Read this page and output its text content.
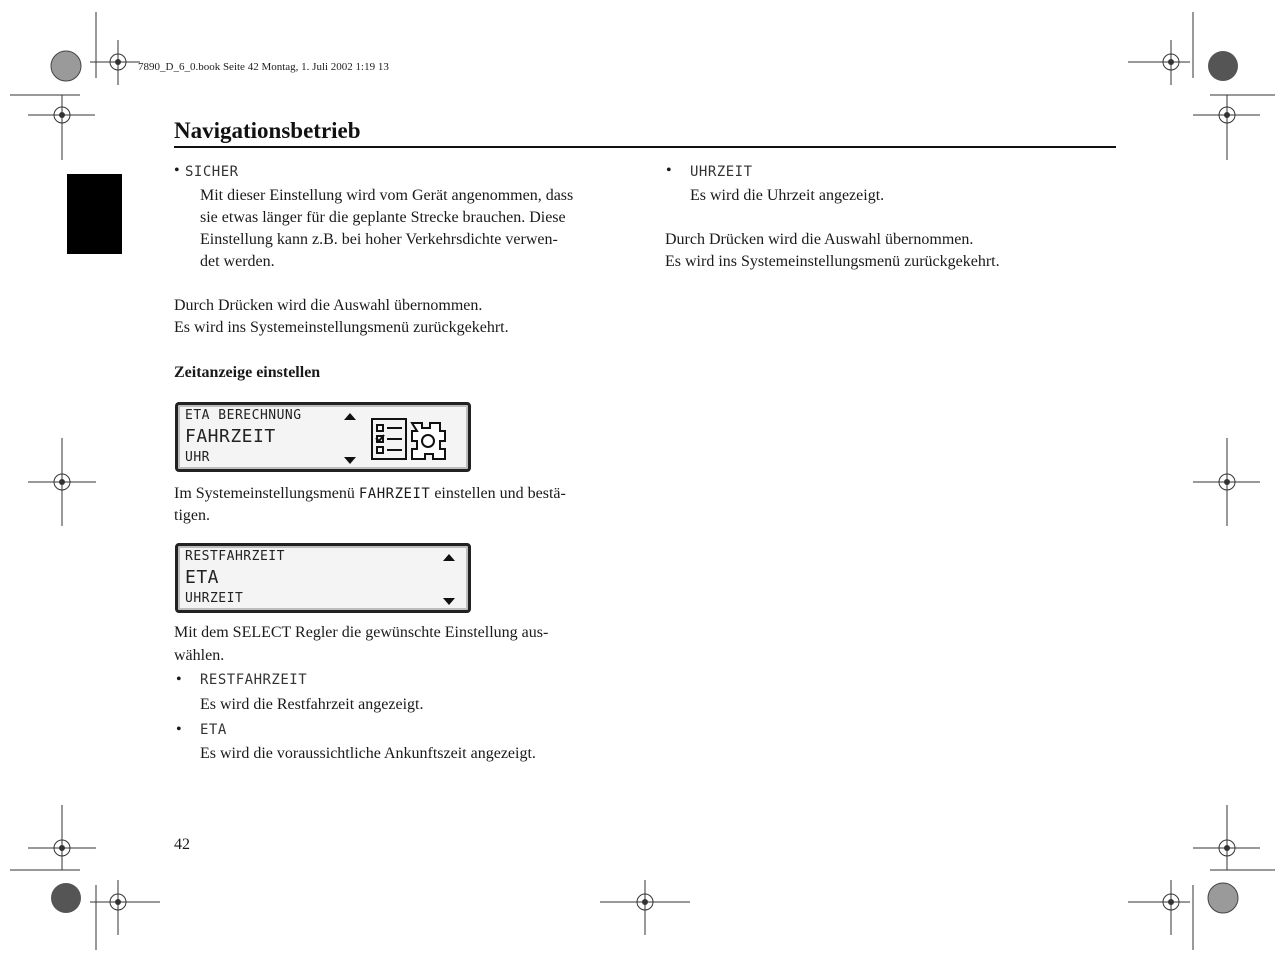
7890_D_6_0.book Seite 42 Montag, 1. Juli 2002 1:19 13
Navigationsbetrieb
• SICHER
Mit dieser Einstellung wird vom Gerät angenommen, dass
sie etwas länger für die geplante Strecke brauchen. Diese
Einstellung kann z.B. bei hoher Verkehrsdichte verwen-
det werden.
Durch Drücken wird die Auswahl übernommen.
Es wird ins Systemeinstellungsmenü zurückgekehrt.
Zeitanzeige einstellen
ETA BERECHNUNG
FAHRZEIT
UHR
Im Systemeinstellungsmenü FAHRZEIT einstellen und bestä-
tigen.
RESTFAHRZEIT
ETA
UHRZEIT
Mit dem SELECT Regler die gewünschte Einstellung aus-
wählen.
• RESTFAHRZEIT
Es wird die Restfahrzeit angezeigt.
• ETA
Es wird die voraussichtliche Ankunftszeit angezeigt.
• UHRZEIT
Es wird die Uhrzeit angezeigt.
Durch Drücken wird die Auswahl übernommen.
Es wird ins Systemeinstellungsmenü zurückgekehrt.
42
